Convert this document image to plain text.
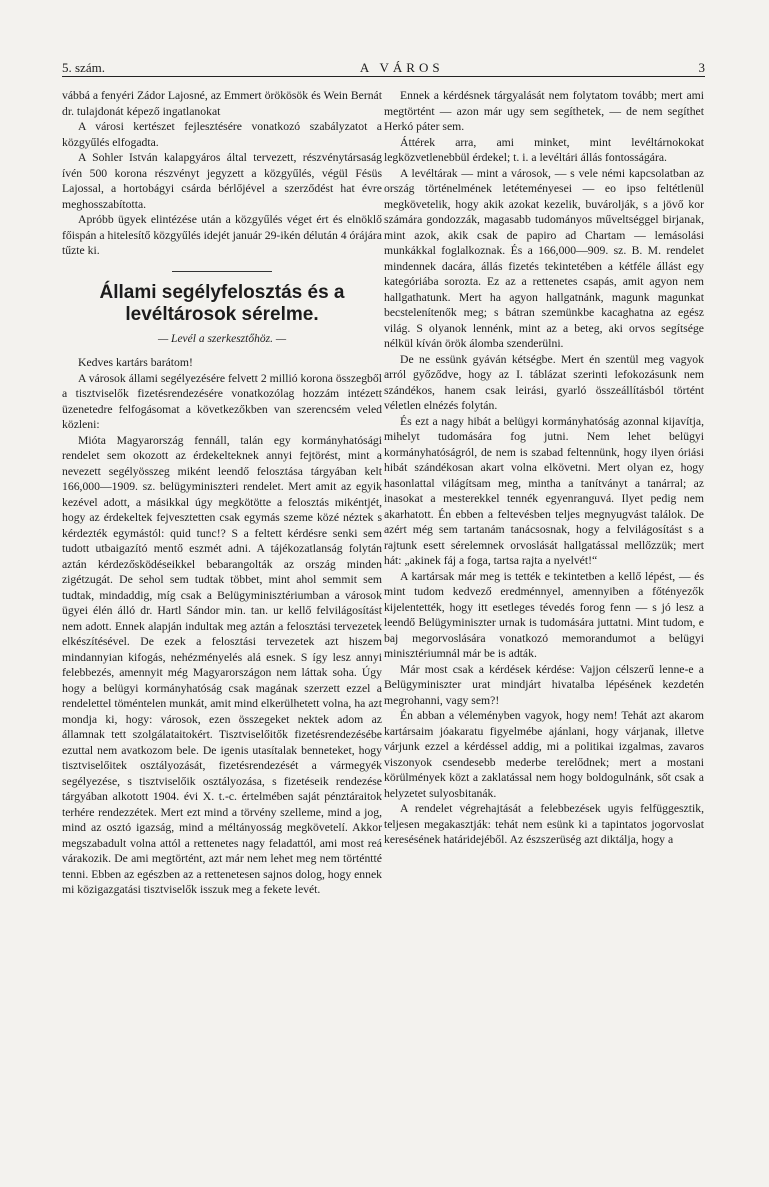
5. szám.	A VÁROS	3

vábbá a fenyéri Zádor Lajosné, az Emmert örökösök és Wein Bernát dr. tulajdonát képező ingatlanokat

A városi kertészet fejlesztésére vonatkozó szabályzatot a közgyűlés elfogadta.

A Sohler István kalapgyáros által tervezett, részvénytársaság ívén 500 korona részvényt jegyzett a közgyűlés, végül Fésüs Lajossal, a hortobágyi csárda bérlőjével a szerződést hat évre meghosszabította.

Apróbb ügyek elintézése után a közgyűlés véget ért és elnöklő főispán a hitelesítő közgyűlés idejét január 29-ikén délután 4 órájára tűzte ki.

Állami segélyfelosztás és a levéltárosok sérelme.
— Levél a szerkesztőhöz. —

Kedves kartárs barátom!

A városok állami segélyezésére felvett 2 millió korona összegből a tisztviselők fizetésrendezésére vonatkozólag hozzám intézett üzenetedre felfogásomat a következőkben van szerencsém veled közleni:

Mióta Magyarország fennáll, talán egy kormányhatósági rendelet sem okozott az érdekelteknek annyi fejtörést, mint a nevezett segélyösszeg miként leendő felosztása tárgyában kelt 166,000—1909. sz. belügyminiszteri rendelet. Mert amit az egyik kezével adott, a másikkal úgy megkötötte a felosztás mikéntjét, hogy az érdekeltek fejvesztetten csak egymás szeme közé néztek s kérdezték egymástól: quid tunc!? S a feltett kérdésre senki sem tudott utbaigazító mentő eszmét adni. A tájékozatlanság folytán aztán kérdezősködéseikkel bebarangolták az ország minden zigétzugát. De sehol sem tudtak többet, mint ahol semmit sem tudtak, mindaddig, míg csak a Belügyminisztériumban a városok ügyei élén álló dr. Hartl Sándor min. tan. ur kellő felvilágosítást nem adott. Ennek alapján indultak meg aztán a felosztási tervezetek elkészítésével. De ezek a felosztási tervezetek azt hiszem mindannyian kifogás, nehézményelés alá esnek. S így lesz annyi felebbezés, amennyit még Magyarországon nem láttak soha. Úgy hogy a belügyi kormányhatóság csak magának szerzett ezzel a rendelettel töméntelen munkát, amit mind elkerülhetett volna, ha azt mondja ki, hogy: városok, ezen összegeket nektek adom az államnak tett szolgálataitokért. Tisztviselőitők fizetésrendezésébe ezuttal nem avatkozom bele. De igenis utasítalak benneteket, hogy tisztviselőitek osztályozását, fizetésrendezését a vármegyék segélyezése, s tisztviselőik osztályozása, s fizetéseik rendezése tárgyában alkotott 1904. évi X. t.-c. értelmében saját pénztáraitok terhére rendezzétek. Mert ezt mind a törvény szelleme, mind a jog, mind az osztó igazság, mind a méltányosság megkövetelí. Akkor megszabadult volna attól a rettenetes nagy feladattól, ami most reá várakozik. De ami megtörtént, azt már nem lehet meg nem történtté tenni. Ebben az egészben az a rettenetesen sajnos dolog, hogy ennek mi közigazgatási tisztviselők isszuk meg a fekete levét.

Ennek a kérdésnek tárgyalását nem folytatom tovább; mert ami megtörtént — azon már ugy sem segíthetek, — de nem segíthet Herkó páter sem.

Áttérek arra, ami minket, mint levéltárnokokat legközvetlenebbül érdekel; t. i. a levéltári állás fontosságára.

A levéltárak — mint a városok, — s vele némi kapcsolatban az ország történelmének letéteményesei — eo ipso feltétlenül megkövetelik, hogy akik azokat kezelik, buvárolják, s a jövő kor számára gondozzák, magasabb tudományos műveltséggel birjanak, mint azok, akik csak de papiro ad Chartam — lemásolási munkákkal foglalkoznak. És a 166,000—909. sz. B. M. rendelet mindennek dacára, állás fizetés tekintetében a kétféle állást egy kategóriába sorozta. Ez az a rettenetes csapás, amit agyon nem hallgathatunk. Mert ha agyon hallgatnánk, magunk magunkat becstelenítenők meg; s bátran szemünkbe kacaghatna az egész világ. S olyanok lennénk, mint az a beteg, aki orvos segítsége nélkül kíván örök álomba szenderülni.

De ne essünk gyáván kétségbe. Mert én szentül meg vagyok arról győződve, hogy az I. táblázat szerinti lefokozásunk nem szándékos, hanem csak leirási, gyarló összeállításból történt véletlen elnézés folytán.

És ezt a nagy hibát a belügyi kormányhatóság azonnal kijavítja, mihelyt tudomására fog jutni. Nem lehet belügyi kormányhatóságról, de nem is szabad feltennünk, hogy ilyen óriási hibát szándékosan akart volna elkövetni. Mert olyan ez, hogy hasonlattal világítsam meg, mintha a tanítványt a tanárral; az inasokat a mesterekkel tennék egyenranguvá. Ilyet pedig nem akarhatott. Én ebben a feltevésben teljes megnyugvást találok. De azért még sem tartanám tanácsosnak, hogy a felvilágosítást s a rajtunk esett sérelemnek orvoslását hallgatással mellőzzük; mert hát: „akinek fáj a foga, tartsa rajta a nyelvét!“

A kartársak már meg is tették e tekintetben a kellő lépést, — és mint tudom kedvező eredménnyel, amennyiben a főtényezők kijelentették, hogy itt esetleges tévedés forog fenn — s jó lesz a leendő Belügyminiszter urnak is tudomására juttatni. Mint tudom, e baj megorvoslására vonatkozó memorandumot a belügyi minisztériumnál már be is adták.

Már most csak a kérdések kérdése: Vajjon célszerű lenne-e a Belügyminiszter urat mindjárt hivatalba lépésének kezdetén megrohanni, vagy sem?!

Én abban a véleményben vagyok, hogy nem! Tehát azt akarom kartársaim jóakaratu figyelmébe ajánlani, hogy várjanak, illetve várjunk ezzel a kérdéssel addig, mi a politikai izgalmas, zavaros viszonyok csendesebb mederbe terelődnek; mert a mostani körülmények közt a zaklatással nem hogy boldogulnánk, sőt csak a helyzetet sulyosbitanák.

A rendelet végrehajtását a felebbezések ugyis felfüggesztik, teljesen megakasztják: tehát nem esünk ki a tapintatos jogorvoslat keresésének határidejéből. Az észszerüség azt diktálja, hogy a
